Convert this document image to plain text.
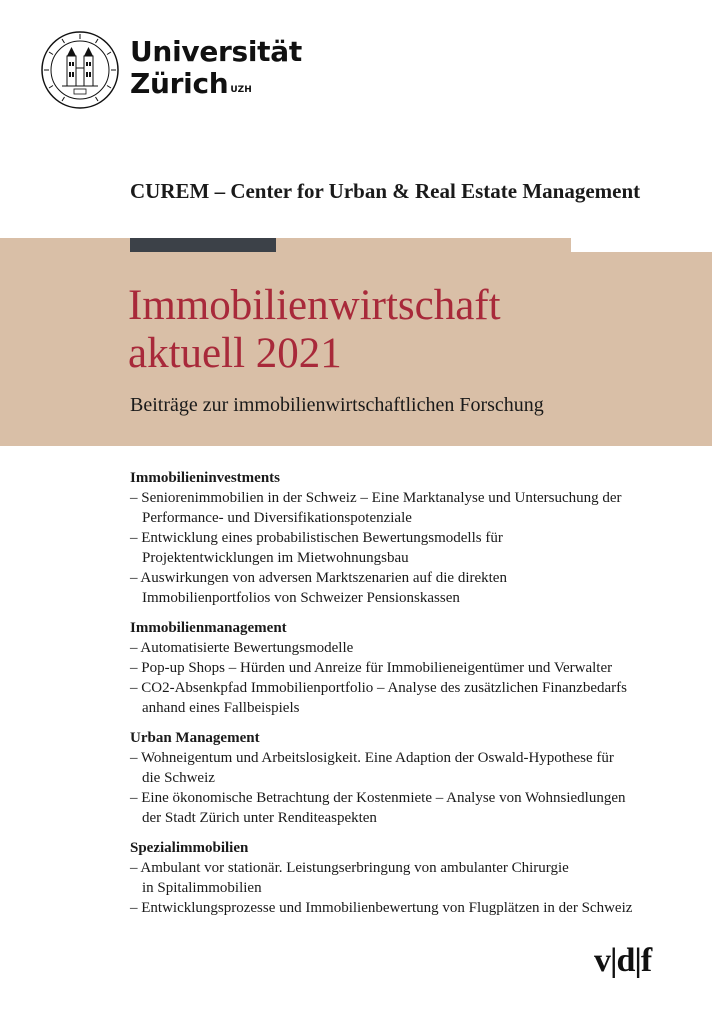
Universität
Zürich $^{UZH}$
CUREM – Center for Urban & Real Estate Management
Immobilienwirtschaft
aktuell 2021
Beiträge zur immobilienwirtschaftlichen Forschung
Immobilieninvestments
– Seniorenimmobilien in der Schweiz – Eine Marktanalyse und Untersuchung der
Performance- und Diversifikationspotenziale
– Entwicklung eines probabilistischen Bewertungsmodells für
Projektentwicklungen im Mietwohnungsbau
– Auswirkungen von adversen Marktszenarien auf die direkten
Immobilienportfolios von Schweizer Pensionskassen
Immobilienmanagement
– Automatisierte Bewertungsmodelle
– Pop-up Shops – Hürden und Anreize für Immobilieneigentümer und Verwalter
– CO2-Absenkpfad Immobilienportfolio – Analyse des zusätzlichen Finanzbedarfs
anhand eines Fallbeispiels
Urban Management
– Wohneigentum und Arbeitslosigkeit. Eine Adaption der Oswald-Hypothese für
die Schweiz
– Eine ökonomische Betrachtung der Kostenmiete – Analyse von Wohnsiedlungen
der Stadt Zürich unter Renditeaspekten
Spezialimmobilien
– Ambulant vor stationär. Leistungserbringung von ambulanter Chirurgie
in Spitalimmobilien
– Entwicklungsprozesse und Immobilienbewertung von Flugplätzen in der Schweiz
v|d|f
